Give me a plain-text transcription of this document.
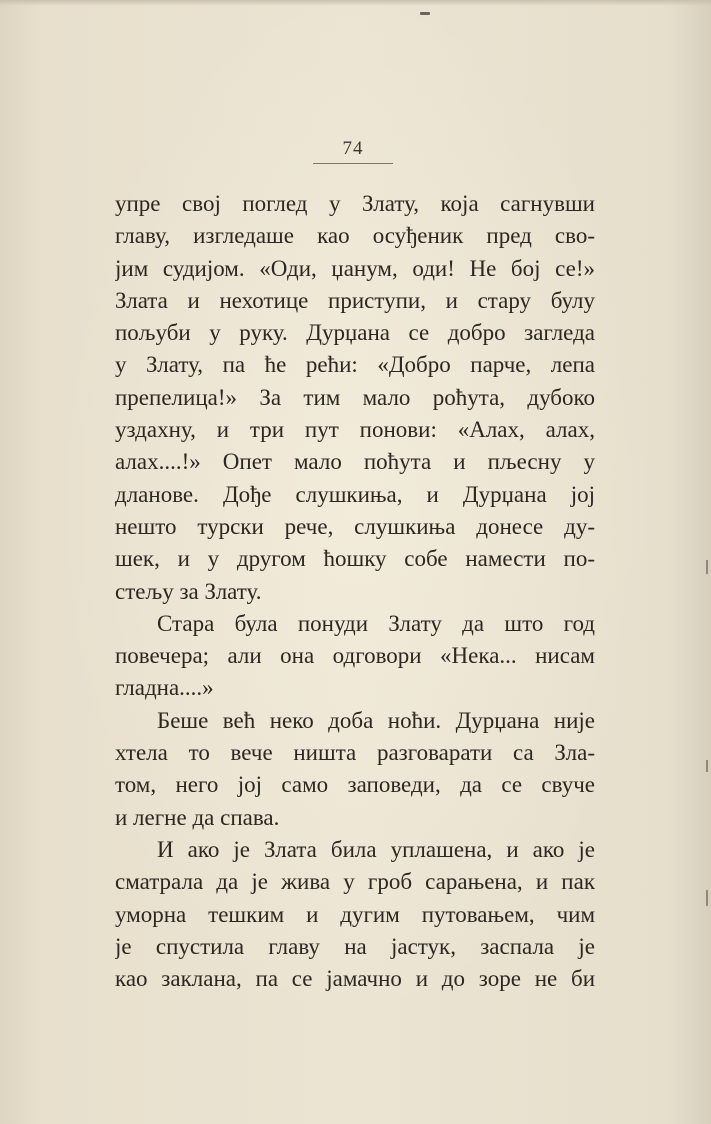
74
упре свој поглед у Злату, која сагнувши
главу, изгледаше као осуђеник пред сво-
јим судијом. «Оди, џанум, оди! Не бој се!»
Злата и нехотице приступи, и стару булу
пољуби у руку. Дурџана се добро загледа
у Злату, па ће рећи: «Добро парче, лепа
препелица!» За тим мало poћута, дубоко
уздахну, и три пут понови: «Алах, алах,
алах....!» Опет мало поћута и пљесну у
дланове. Дође слушкиња, и Дурџана јој
нешто турски рече, слушкиња донесе ду-
шек, и у другом ћошку собе намести по-
стељу за Злату.
Стара була понуди Злату да што год
повечера; али она одговори «Нека... нисам
гладна....»
Беше већ неко доба ноћи. Дурџана није
хтела то вече ништа разговарати са Зла-
том, него јој само заповеди, да се свуче
и легне да спава.
И ако је Злата била уплашена, и ако је
сматрала да је жива у гроб сарањена, и пак
уморна тешким и дугим путовањем, чим
је спустила главу на јастук, заспала је
као заклана, па се јамачно и до зоре не би
